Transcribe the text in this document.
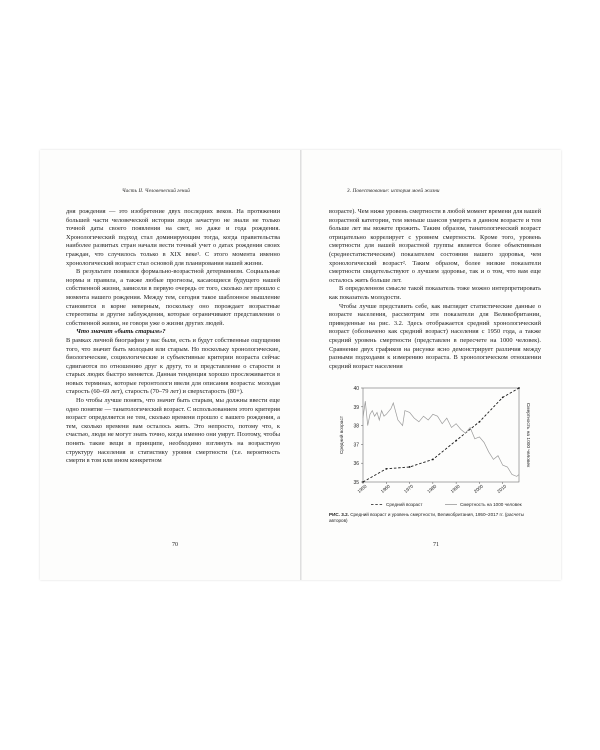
Часть II. Человеческий гений

дня рождения — это изобретение двух последних веков. На протяжении большей части человеческой истории люди зачастую не знали не только точной даты своего появления на свет, но даже и года рождения. Хронологический подход стал доминирующим тогда, когда правительства наиболее развитых стран начали вести точный учет о датах рождения своих граждан, что случилось только в XIX веке¹. С этого момента именно хронологический возраст стал основой для планирования нашей жизни.

В результате появился формально-возрастной детерминизм. Социальные нормы и правила, а также любые прогнозы, касающиеся будущего нашей собственной жизни, зависели в первую очередь от того, сколько лет прошло с момента нашего рождения. Между тем, сегодня такое шаблонное мышление становится в корне неверным, поскольку оно порождает возрастные стереотипы и другие заблуждения, которые ограничивают представления о собственной жизни, не говоря уже о жизни других людей.

Что значит «быть старым»?

В рамках личной биографии у вас были, есть и будут собственные ощущения того, что значит быть молодым или старым. Но поскольку хронологические, биологические, социологические и субъективные критерии возраста сейчас сдвигаются по отношению друг к другу, то и представление о старости и старых людях быстро меняется. Данная тенденция хорошо прослеживается в новых терминах, которые геронтологи ввели для описания возраста: молодая старость (60–69 лет), старость (70–79 лет) и сверхстарость (80+).

Но чтобы лучше понять, что значит быть старым, мы должны ввести еще одно понятие — танатологический возраст. С использованием этого критерия возраст определяется не тем, сколько времени прошло с вашего рождения, а тем, сколько времени вам осталось жить. Это непросто, потому что, к счастью, люди не могут знать точно, когда именно они умрут. Поэтому, чтобы понять такие вещи в принципе, необходимо взглянуть на возрастную структуру населения и статистику уровня смертности (т.е. вероятность смерти в том или ином конкретном

70
3. Повествование: история моей жизни

возрасте). Чем ниже уровень смертности в любой момент времени для вашей возрастной категории, тем меньше шансов умереть в данном возрасте и тем больше лет вы можете прожить. Таким образом, танатологический возраст отрицательно коррелирует с уровнем смертности. Кроме того, уровень смертности для вашей возрастной группы является более объективным (среднестатистическим) показателем состояния вашего здоровья, чем хронологический возраст². Таким образом, более низкие показатели смертности свидетельствуют о лучшем здоровье, так и о том, что вам еще осталось жить больше лет.

В определенном смысле такой показатель тоже можно интерпретировать как показатель молодости.

Чтобы лучше представить себе, как выглядят статистические данные о возрасте населения, рассмотрим эти показатели для Великобритании, приведенные на рис. 3.2. Здесь отображается средний хронологический возраст (обозначено как средний возраст) населения с 1950 года, а также средний уровень смертности (представлен в пересчете на 1000 человек). Сравнение двух графиков на рисунке ясно демонстрирует различия между разными подходами к измерению возраста. В хронологическом отношении средний возраст населения

35
36
37
38
39
40
1950	1960	1970	1980	1990	2000	2010
Средний возраст	Смертность на 1000 человек
Средний возраст	Смертность на 1000 человек
РИС. 3.2. Средний возраст и уровень смертности, Великобритания, 1950–2017 гг. (расчеты авторов)
71
